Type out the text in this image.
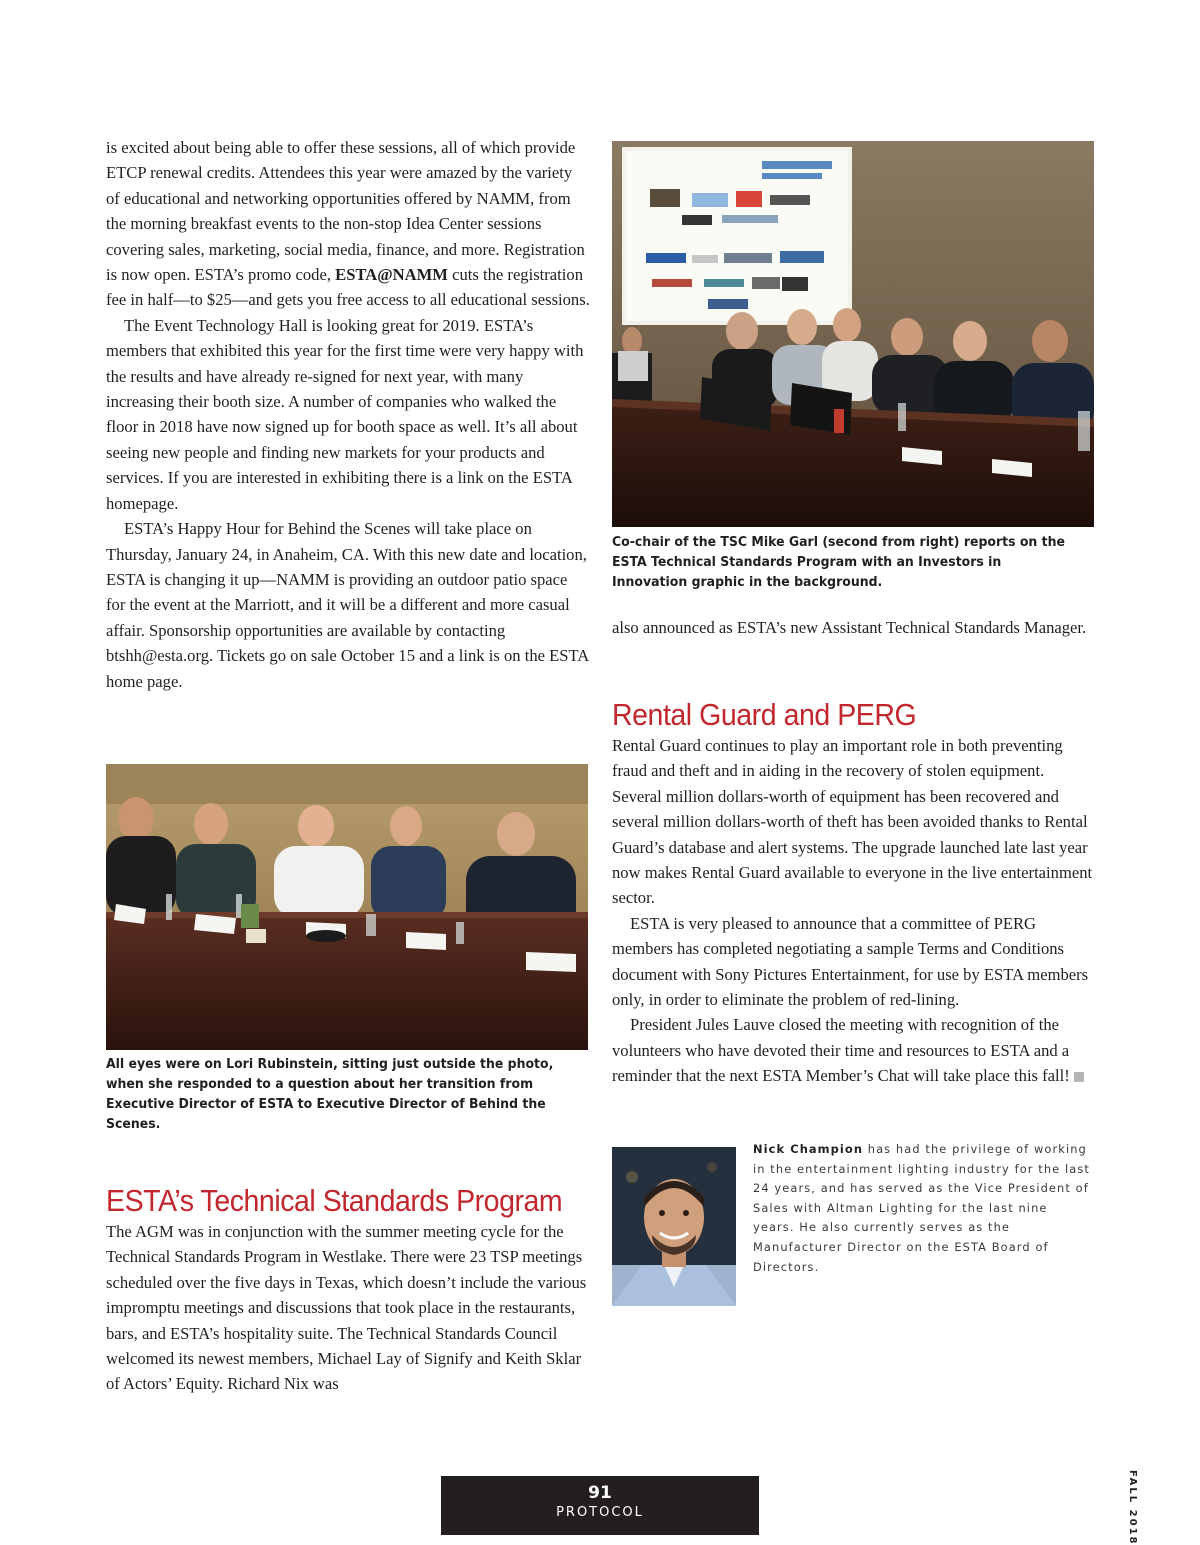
is excited about being able to offer these sessions, all of which provide ETCP renewal credits. Attendees this year were amazed by the variety of educational and networking opportunities offered by NAMM, from the morning breakfast events to the non-stop Idea Center sessions covering sales, marketing, social media, finance, and more. Registration is now open. ESTA’s promo code, ESTA@NAMM cuts the registration fee in half—to $25—and gets you free access to all educational sessions.

The Event Technology Hall is looking great for 2019. ESTA’s members that exhibited this year for the first time were very happy with the results and have already re-signed for next year, with many increasing their booth size. A number of companies who walked the floor in 2018 have now signed up for booth space as well. It’s all about seeing new people and finding new markets for your products and services. If you are interested in exhibiting there is a link on the ESTA homepage.

ESTA’s Happy Hour for Behind the Scenes will take place on Thursday, January 24, in Anaheim, CA. With this new date and location, ESTA is changing it up—NAMM is providing an outdoor patio space for the event at the Marriott, and it will be a different and more casual affair. Sponsorship opportunities are available by contacting btshh@esta.org. Tickets go on sale October 15 and a link is on the ESTA home page.

All eyes were on Lori Rubinstein, sitting just outside the photo, when she responded to a question about her transition from Executive Director of ESTA to Executive Director of Behind the Scenes.

ESTA’s Technical Standards Program

The AGM was in conjunction with the summer meeting cycle for the Technical Standards Program in Westlake. There were 23 TSP meetings scheduled over the five days in Texas, which doesn’t include the various impromptu meetings and discussions that took place in the restaurants, bars, and ESTA’s hospitality suite. The Technical Standards Council welcomed its newest members, Michael Lay of Signify and Keith Sklar of Actors’ Equity. Richard Nix was

Co-chair of the TSC Mike Garl (second from right) reports on the ESTA Technical Standards Program with an Investors in Innovation graphic in the background.

also announced as ESTA’s new Assistant Technical Standards Manager.

Rental Guard and PERG

Rental Guard continues to play an important role in both preventing fraud and theft and in aiding in the recovery of stolen equipment. Several million dollars-worth of equipment has been recovered and several million dollars-worth of theft has been avoided thanks to Rental Guard’s database and alert systems. The upgrade launched late last year now makes Rental Guard available to everyone in the live entertainment sector.

ESTA is very pleased to announce that a committee of PERG members has completed negotiating a sample Terms and Conditions document with Sony Pictures Entertainment, for use by ESTA members only, in order to eliminate the problem of red-lining.

President Jules Lauve closed the meeting with recognition of the volunteers who have devoted their time and resources to ESTA and a reminder that the next ESTA Member’s Chat will take place this fall!

Nick Champion has had the privilege of working in the entertainment lighting industry for the last 24 years, and has served as the Vice President of Sales with Altman Lighting for the last nine years. He also currently serves as the Manufacturer Director on the ESTA Board of Directors.

FALL 2018
91
PROTOCOL
